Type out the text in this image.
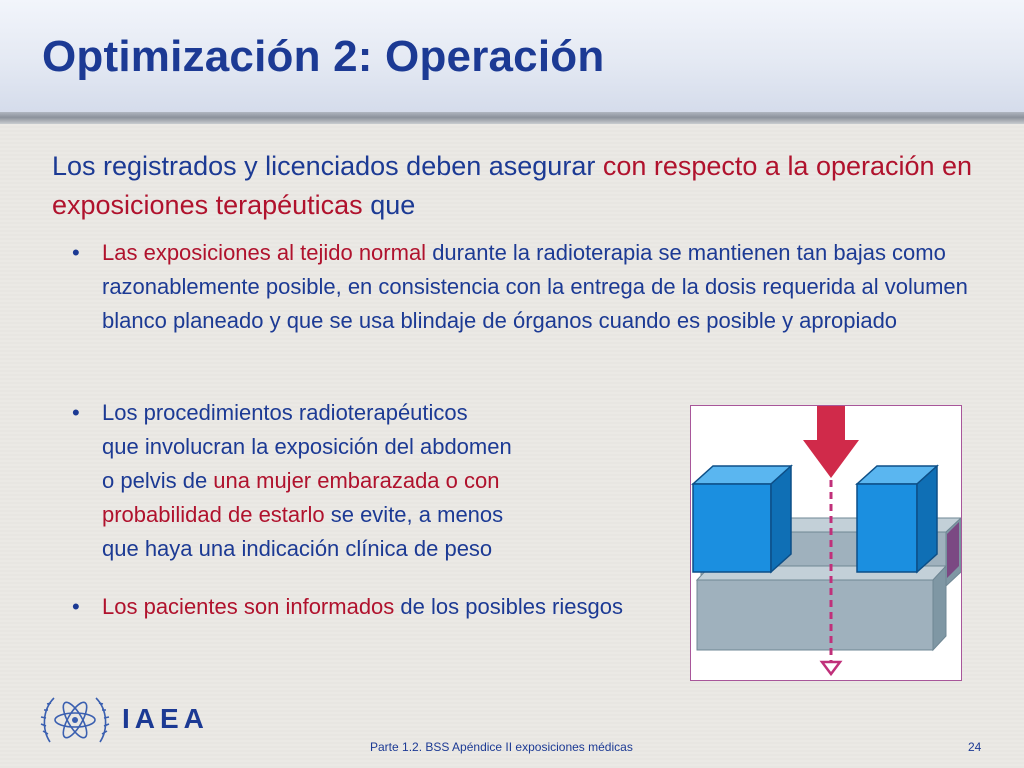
Optimización 2: Operación

Los registrados y licenciados deben asegurar con respecto a la operación en exposiciones terapéuticas que

•	Las exposiciones al tejido normal durante la radioterapia se mantienen tan bajas como razonablemente posible, en consistencia con la entrega de la dosis requerida al volumen blanco planeado y que se usa blindaje de órganos cuando es posible y apropiado
•	Los procedimientos radioterapéuticos
que involucran la exposición del abdomen
o pelvis de una mujer embarazada o con
probabilidad de estarlo se evite, a menos
que haya una indicación clínica de peso
•	Los pacientes son informados de los posibles riesgos
IAEA
Parte 1.2. BSS Apéndice II exposiciones médicas	24
